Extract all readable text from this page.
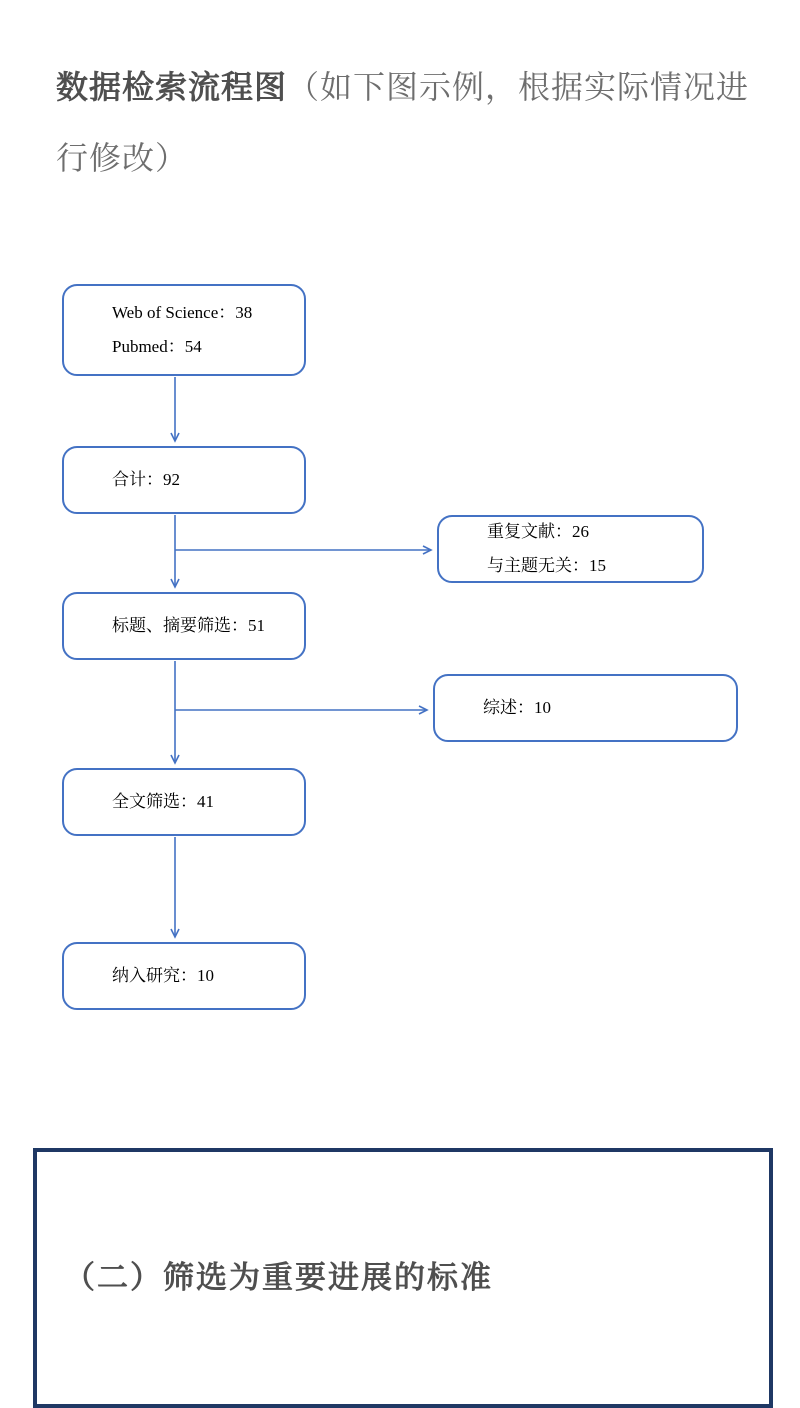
数据检索流程图（如下图示例，根据实际情况进行修改）

Web of Science：38
Pubmed：54
合计：92
重复文献：26
与主题无关：15
标题、摘要筛选：51
综述：10
全文筛选：41
纳入研究：10
（二）筛选为重要进展的标准
